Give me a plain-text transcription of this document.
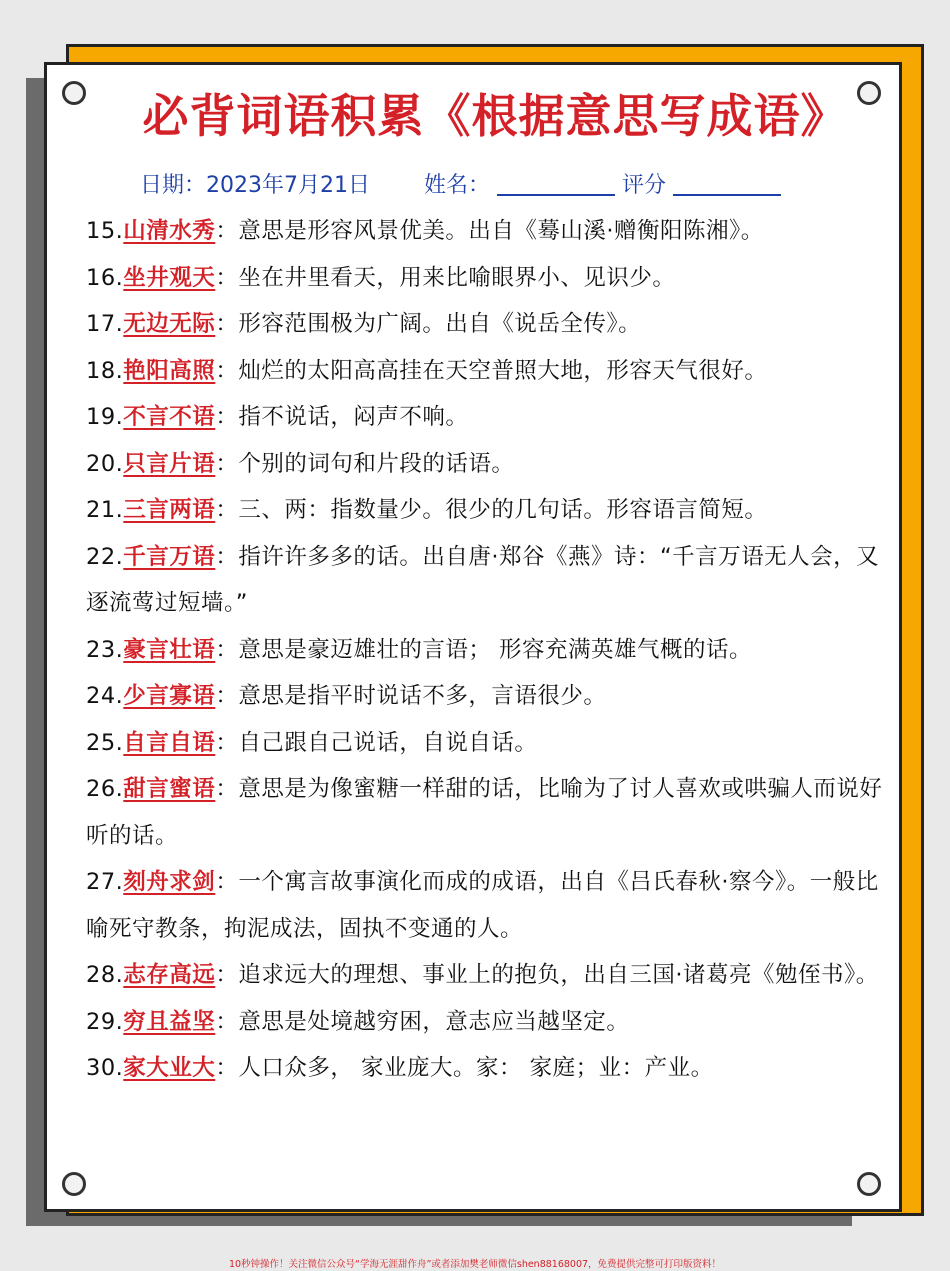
必背词语积累《根据意思写成语》
日期：2023年7月21日 姓名：	评分
15.山清水秀：意思是形容风景优美。出自《蓦山溪·赠衡阳陈湘》。
16.坐井观天：坐在井里看天，用来比喻眼界小、见识少。
17.无边无际：形容范围极为广阔。出自《说岳全传》。
18.艳阳高照：灿烂的太阳高高挂在天空普照大地，形容天气很好。
19.不言不语：指不说话，闷声不响。
20.只言片语：个别的词句和片段的话语。
21.三言两语：三、两：指数量少。很少的几句话。形容语言简短。
22.千言万语：指许许多多的话。出自唐·郑谷《燕》诗：“千言万语无人会，又逐流莺过短墙。”
23.豪言壮语：意思是豪迈雄壮的言语； 形容充满英雄气概的话。
24.少言寡语：意思是指平时说话不多，言语很少。
25.自言自语：自己跟自己说话，自说自话。
26.甜言蜜语：意思是为像蜜糖一样甜的话，比喻为了讨人喜欢或哄骗人而说好听的话。
27.刻舟求剑：一个寓言故事演化而成的成语，出自《吕氏春秋·察今》。一般比喻死守教条，拘泥成法，固执不变通的人。
28.志存高远：追求远大的理想、事业上的抱负，出自三国·诸葛亮《勉侄书》。
29.穷且益坚：意思是处境越穷困，意志应当越坚定。
30.家大业大：人口众多， 家业庞大。家： 家庭；业：产业。
10秒钟操作！关注微信公众号“学海无涯甜作舟”或者添加樊老师微信shen88168007，免费提供完整可打印版资料！
